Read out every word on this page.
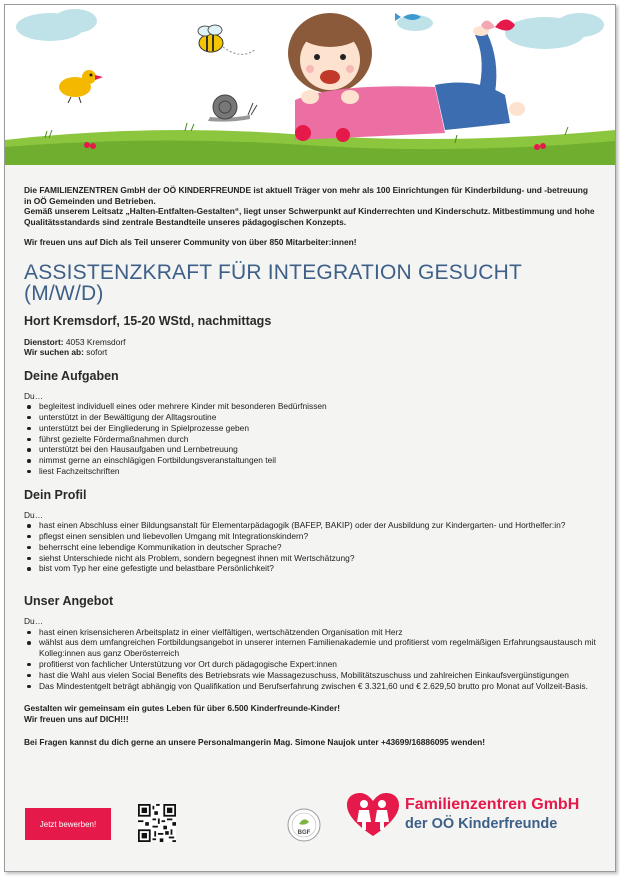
Die FAMILIENZENTREN GmbH der OÖ KINDERFREUNDE ist aktuell Träger von mehr als 100 Einrichtungen für Kinderbildung- und -betreuung in OÖ Gemeinden und Betrieben.

Gemäß unserem Leitsatz „Halten-Entfalten-Gestalten“, liegt unser Schwerpunkt auf Kinderrechten und Kinderschutz. Mitbestimmung und hohe Qualitätsstandards sind zentrale Bestandteile unseres pädagogischen Konzepts.

Wir freuen uns auf Dich als Teil unserer Community von über 850 Mitarbeiter:innen!

ASSISTENZKRAFT FÜR INTEGRATION GESUCHT (M/W/D)
Hort Kremsdorf, 15-20 WStd, nachmittags
Dienstort: 4053 Kremsdorf
Wir suchen ab: sofort
Deine Aufgaben
Du…
begleitest individuell eines oder mehrere Kinder mit besonderen Bedürfnissen
unterstützt in der Bewältigung der Alltagsroutine
unterstützt bei der Eingliederung in Spielprozesse geben
führst gezielte Fördermaßnahmen durch
unterstützt bei den Hausaufgaben und Lernbetreuung
nimmst gerne an einschlägigen Fortbildungsveranstaltungen teil
liest Fachzeitschriften
Dein Profil
Du…
hast einen Abschluss einer Bildungsanstalt für Elementarpädagogik (BAFEP, BAKIP) oder der Ausbildung zur Kindergarten- und Horthelfer:in?
pflegst einen sensiblen und liebevollen Umgang mit Integrationskindern?
beherrscht eine lebendige Kommunikation in deutscher Sprache?
siehst Unterschiede nicht als Problem, sondern begegnest ihnen mit Wertschätzung?
bist vom Typ her eine gefestigte und belastbare Persönlichkeit?
Unser Angebot
Du…
hast einen krisensicheren Arbeitsplatz in einer vielfältigen, wertschätzenden Organisation mit Herz
wählst aus dem umfangreichen Fortbildungsangebot in unserer internen Familienakademie und profitierst vom regelmäßigen Erfahrungsaustausch mit Kolleg:innen aus ganz Oberösterreich
profitierst von fachlicher Unterstützung vor Ort durch pädagogische Expert:innen
hast die Wahl aus vielen Social Benefits des Betriebsrats wie Massagezuschuss, Mobilitätszuschuss und zahlreichen Einkaufsvergünstigungen
Das Mindestentgelt beträgt abhängig von Qualifikation und Berufserfahrung zwischen € 3.321,60 und € 2.629,50 brutto pro Monat auf Vollzeit-Basis.

Gestalten wir gemeinsam ein gutes Leben für über 6.500 Kinderfreunde-Kinder!

Wir freuen uns auf DICH!!!

Bei Fragen kannst du dich gerne an unsere Personalmangerin Mag. Simone Naujok unter +43699/16886095 wenden!

Jetzt bewerben!
BGF
Familienzentren GmbH
der OÖ Kinderfreunde
